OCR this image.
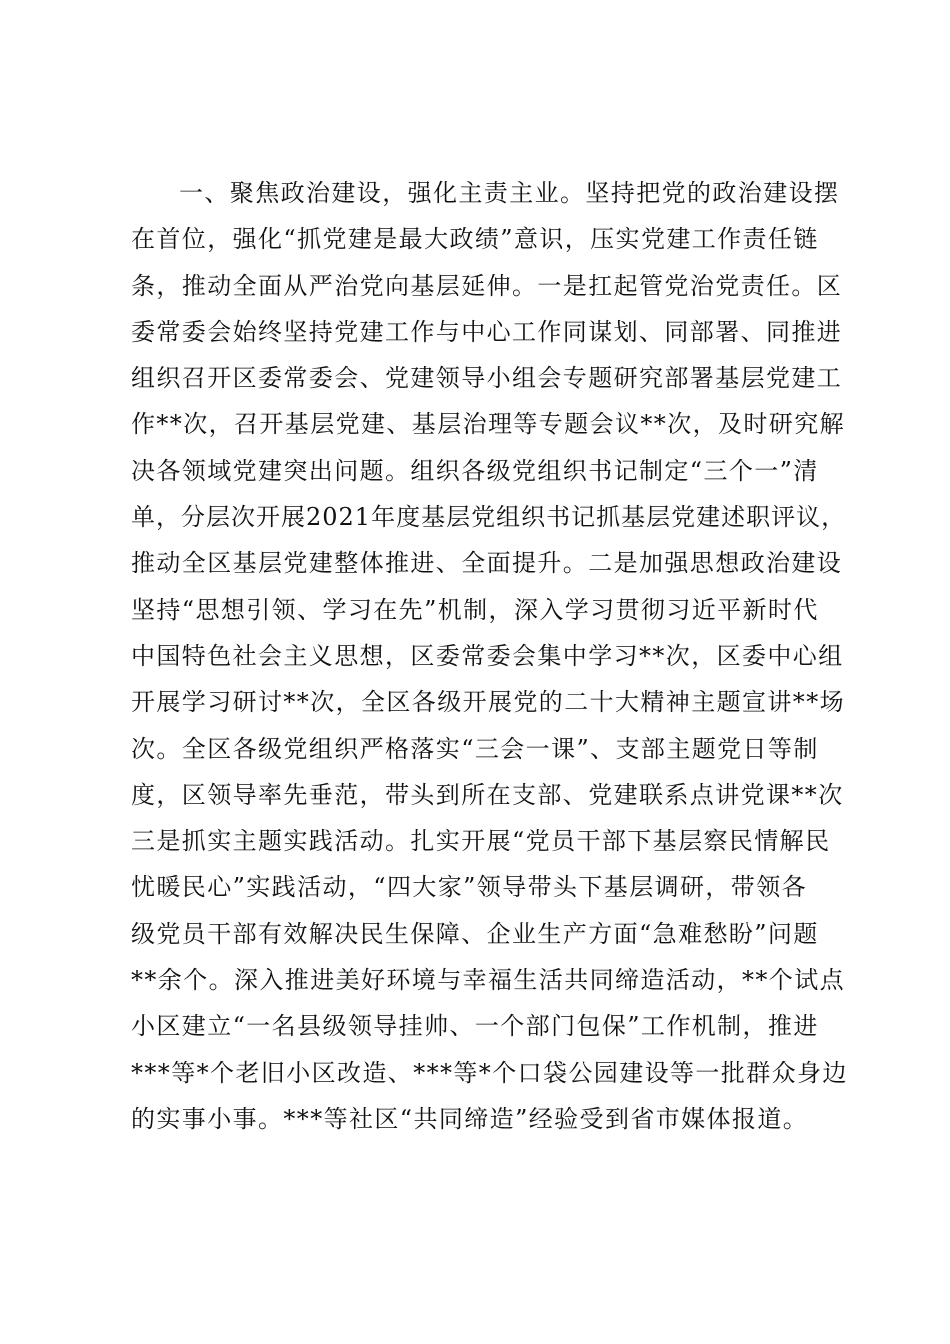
一、聚焦政治建设，强化主责主业。坚持把党的政治建设摆
在首位，强化“抓党建是最大政绩”意识，压实党建工作责任链
条，推动全面从严治党向基层延伸。一是扛起管党治党责任。区
委常委会始终坚持党建工作与中心工作同谋划、同部署、同推进
组织召开区委常委会、党建领导小组会专题研究部署基层党建工
作**次，召开基层党建、基层治理等专题会议**次，及时研究解
决各领域党建突出问题。组织各级党组织书记制定“三个一”清
单，分层次开展2021年度基层党组织书记抓基层党建述职评议，
推动全区基层党建整体推进、全面提升。二是加强思想政治建设
坚持“思想引领、学习在先”机制，深入学习贯彻习近平新时代
中国特色社会主义思想，区委常委会集中学习**次，区委中心组
开展学习研讨**次，全区各级开展党的二十大精神主题宣讲**场
次。全区各级党组织严格落实“三会一课”、支部主题党日等制
度，区领导率先垂范，带头到所在支部、党建联系点讲党课**次
三是抓实主题实践活动。扎实开展“党员干部下基层察民情解民
忧暖民心”实践活动，“四大家”领导带头下基层调研，带领各
级党员干部有效解决民生保障、企业生产方面“急难愁盼”问题
**余个。深入推进美好环境与幸福生活共同缔造活动，**个试点
小区建立“一名县级领导挂帅、一个部门包保”工作机制，推进
***等*个老旧小区改造、***等*个口袋公园建设等一批群众身边
的实事小事。***等社区“共同缔造”经验受到省市媒体报道。
